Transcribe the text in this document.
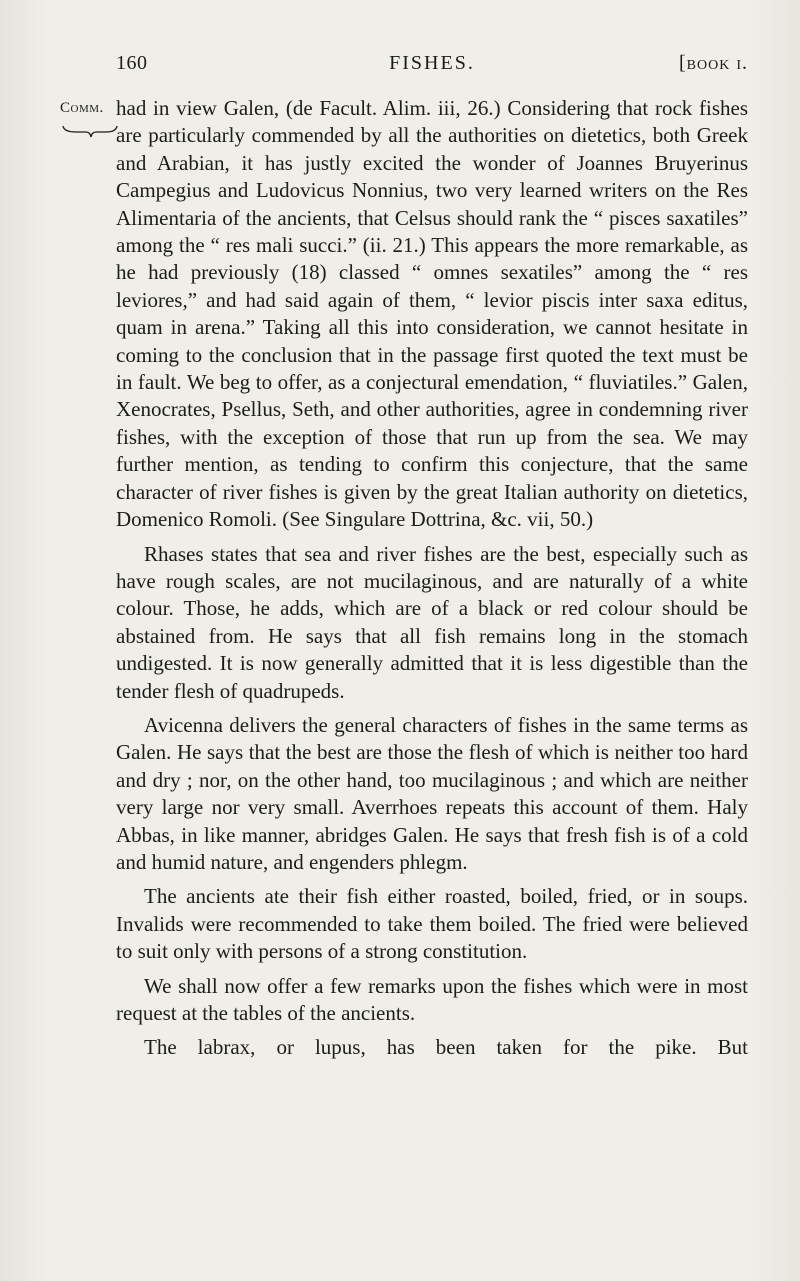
160	FISHES.	[book i.
Comm. had in view Galen, (de Facult. Alim. iii, 26.) Considering that rock fishes are particularly commended by all the authorities on dietetics, both Greek and Arabian, it has justly excited the wonder of Joannes Bruyerinus Campegius and Ludovicus Nonnius, two very learned writers on the Res Alimentaria of the ancients, that Celsus should rank the “ pisces saxatiles” among the “ res mali succi.” (ii. 21.) This appears the more remarkable, as he had previously (18) classed “ omnes sexatiles” among the “ res leviores,” and had said again of them, “ levior piscis inter saxa editus, quam in arena.” Taking all this into consideration, we cannot hesitate in coming to the conclusion that in the passage first quoted the text must be in fault. We beg to offer, as a conjectural emendation, “ fluviatiles.” Galen, Xenocrates, Psellus, Seth, and other authorities, agree in condemning river fishes, with the exception of those that run up from the sea. We may further mention, as tending to confirm this conjecture, that the same character of river fishes is given by the great Italian authority on dietetics, Domenico Romoli. (See Singulare Dottrina, &c. vii, 50.)

Rhases states that sea and river fishes are the best, especially such as have rough scales, are not mucilaginous, and are naturally of a white colour. Those, he adds, which are of a black or red colour should be abstained from. He says that all fish remains long in the stomach undigested. It is now generally admitted that it is less digestible than the tender flesh of quadrupeds.

Avicenna delivers the general characters of fishes in the same terms as Galen. He says that the best are those the flesh of which is neither too hard and dry ; nor, on the other hand, too mucilaginous ; and which are neither very large nor very small. Averrhoes repeats this account of them. Haly Abbas, in like manner, abridges Galen. He says that fresh fish is of a cold and humid nature, and engenders phlegm.

The ancients ate their fish either roasted, boiled, fried, or in soups. Invalids were recommended to take them boiled. The fried were believed to suit only with persons of a strong constitution.

We shall now offer a few remarks upon the fishes which were in most request at the tables of the ancients.

The labrax, or lupus, has been taken for the pike. But
